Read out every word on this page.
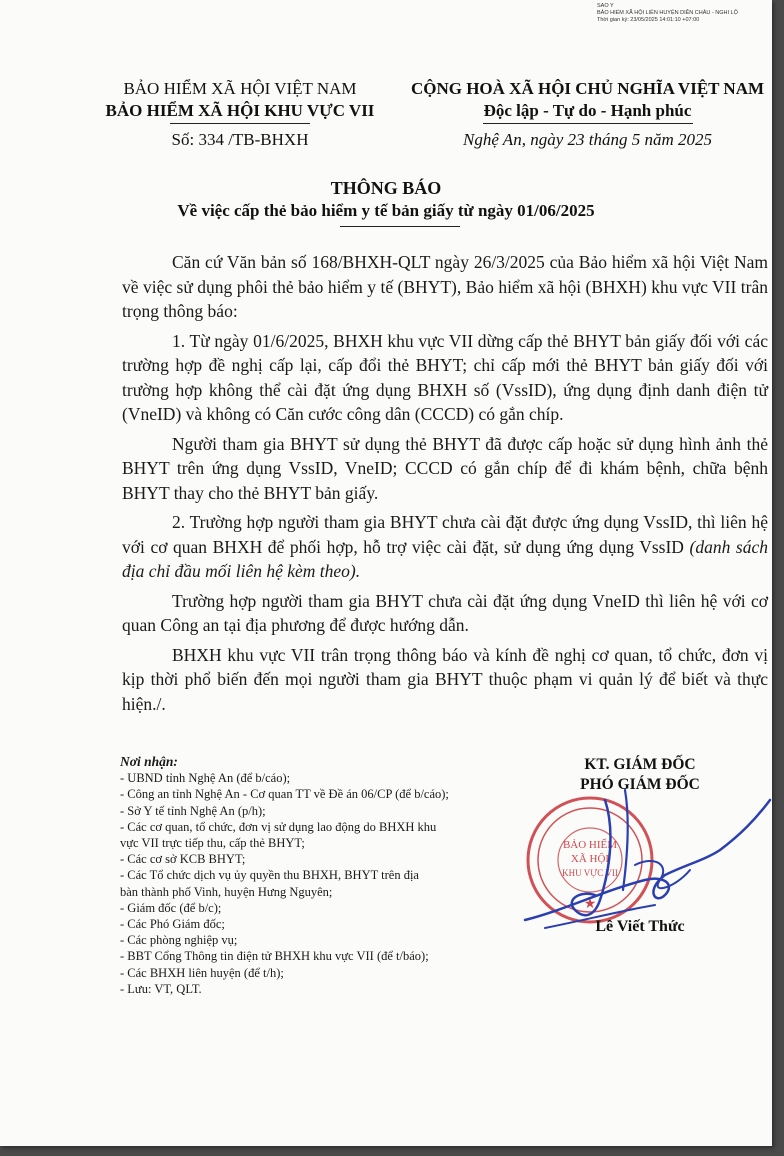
SAO Y
BẢO HIỂM XÃ HỘI LIÊN HUYỆN DIỄN CHÂU - NGHI LỘ
Thời gian ký: 23/05/2025 14:01:10 +07:00
BẢO HIỂM XÃ HỘI VIỆT NAM
BẢO HIỂM XÃ HỘI KHU VỰC VII
Số: 334 /TB-BHXH
CỘNG HOÀ XÃ HỘI CHỦ NGHĨA VIỆT NAM
Độc lập - Tự do - Hạnh phúc
Nghệ An, ngày 23 tháng 5 năm 2025
THÔNG BÁO
Về việc cấp thẻ bảo hiểm y tế bản giấy từ ngày 01/06/2025

Căn cứ Văn bản số 168/BHXH-QLT ngày 26/3/2025 của Bảo hiểm xã hội Việt Nam về việc sử dụng phôi thẻ bảo hiểm y tế (BHYT), Bảo hiểm xã hội (BHXH) khu vực VII trân trọng thông báo:

1. Từ ngày 01/6/2025, BHXH khu vực VII dừng cấp thẻ BHYT bản giấy đối với các trường hợp đề nghị cấp lại, cấp đổi thẻ BHYT; chỉ cấp mới thẻ BHYT bản giấy đối với trường hợp không thể cài đặt ứng dụng BHXH số (VssID), ứng dụng định danh điện tử (VneID) và không có Căn cước công dân (CCCD) có gắn chíp.

Người tham gia BHYT sử dụng thẻ BHYT đã được cấp hoặc sử dụng hình ảnh thẻ BHYT trên ứng dụng VssID, VneID; CCCD có gắn chíp để đi khám bệnh, chữa bệnh BHYT thay cho thẻ BHYT bản giấy.

2. Trường hợp người tham gia BHYT chưa cài đặt được ứng dụng VssID, thì liên hệ với cơ quan BHXH để phối hợp, hỗ trợ việc cài đặt, sử dụng ứng dụng VssID (danh sách địa chỉ đầu mối liên hệ kèm theo).

Trường hợp người tham gia BHYT chưa cài đặt ứng dụng VneID thì liên hệ với cơ quan Công an tại địa phương để được hướng dẫn.

BHXH khu vực VII trân trọng thông báo và kính đề nghị cơ quan, tổ chức, đơn vị kịp thời phổ biến đến mọi người tham gia BHYT thuộc phạm vi quản lý để biết và thực hiện./.

Nơi nhận:
- UBND tỉnh Nghệ An (để b/cáo);
- Công an tỉnh Nghệ An - Cơ quan TT về Đề án 06/CP (để b/cáo);
- Sở Y tế tỉnh Nghệ An (p/h);
- Các cơ quan, tổ chức, đơn vị sử dụng lao động do BHXH khu
vực VII trực tiếp thu, cấp thẻ BHYT;
- Các cơ sở KCB BHYT;
- Các Tổ chức dịch vụ ủy quyền thu BHXH, BHYT trên địa
bàn thành phố Vinh, huyện Hưng Nguyên;
- Giám đốc (để b/c);
- Các Phó Giám đốc;
- Các phòng nghiệp vụ;
- BBT Cổng Thông tin điện tử BHXH khu vực VII (để t/báo);
- Các BHXH liên huyện (để t/h);
- Lưu: VT, QLT.
KT. GIÁM ĐỐC
PHÓ GIÁM ĐỐC
BẢO HIỂM
XÃ HỘI
KHU VỰC VII
★
Lê Viết Thức
